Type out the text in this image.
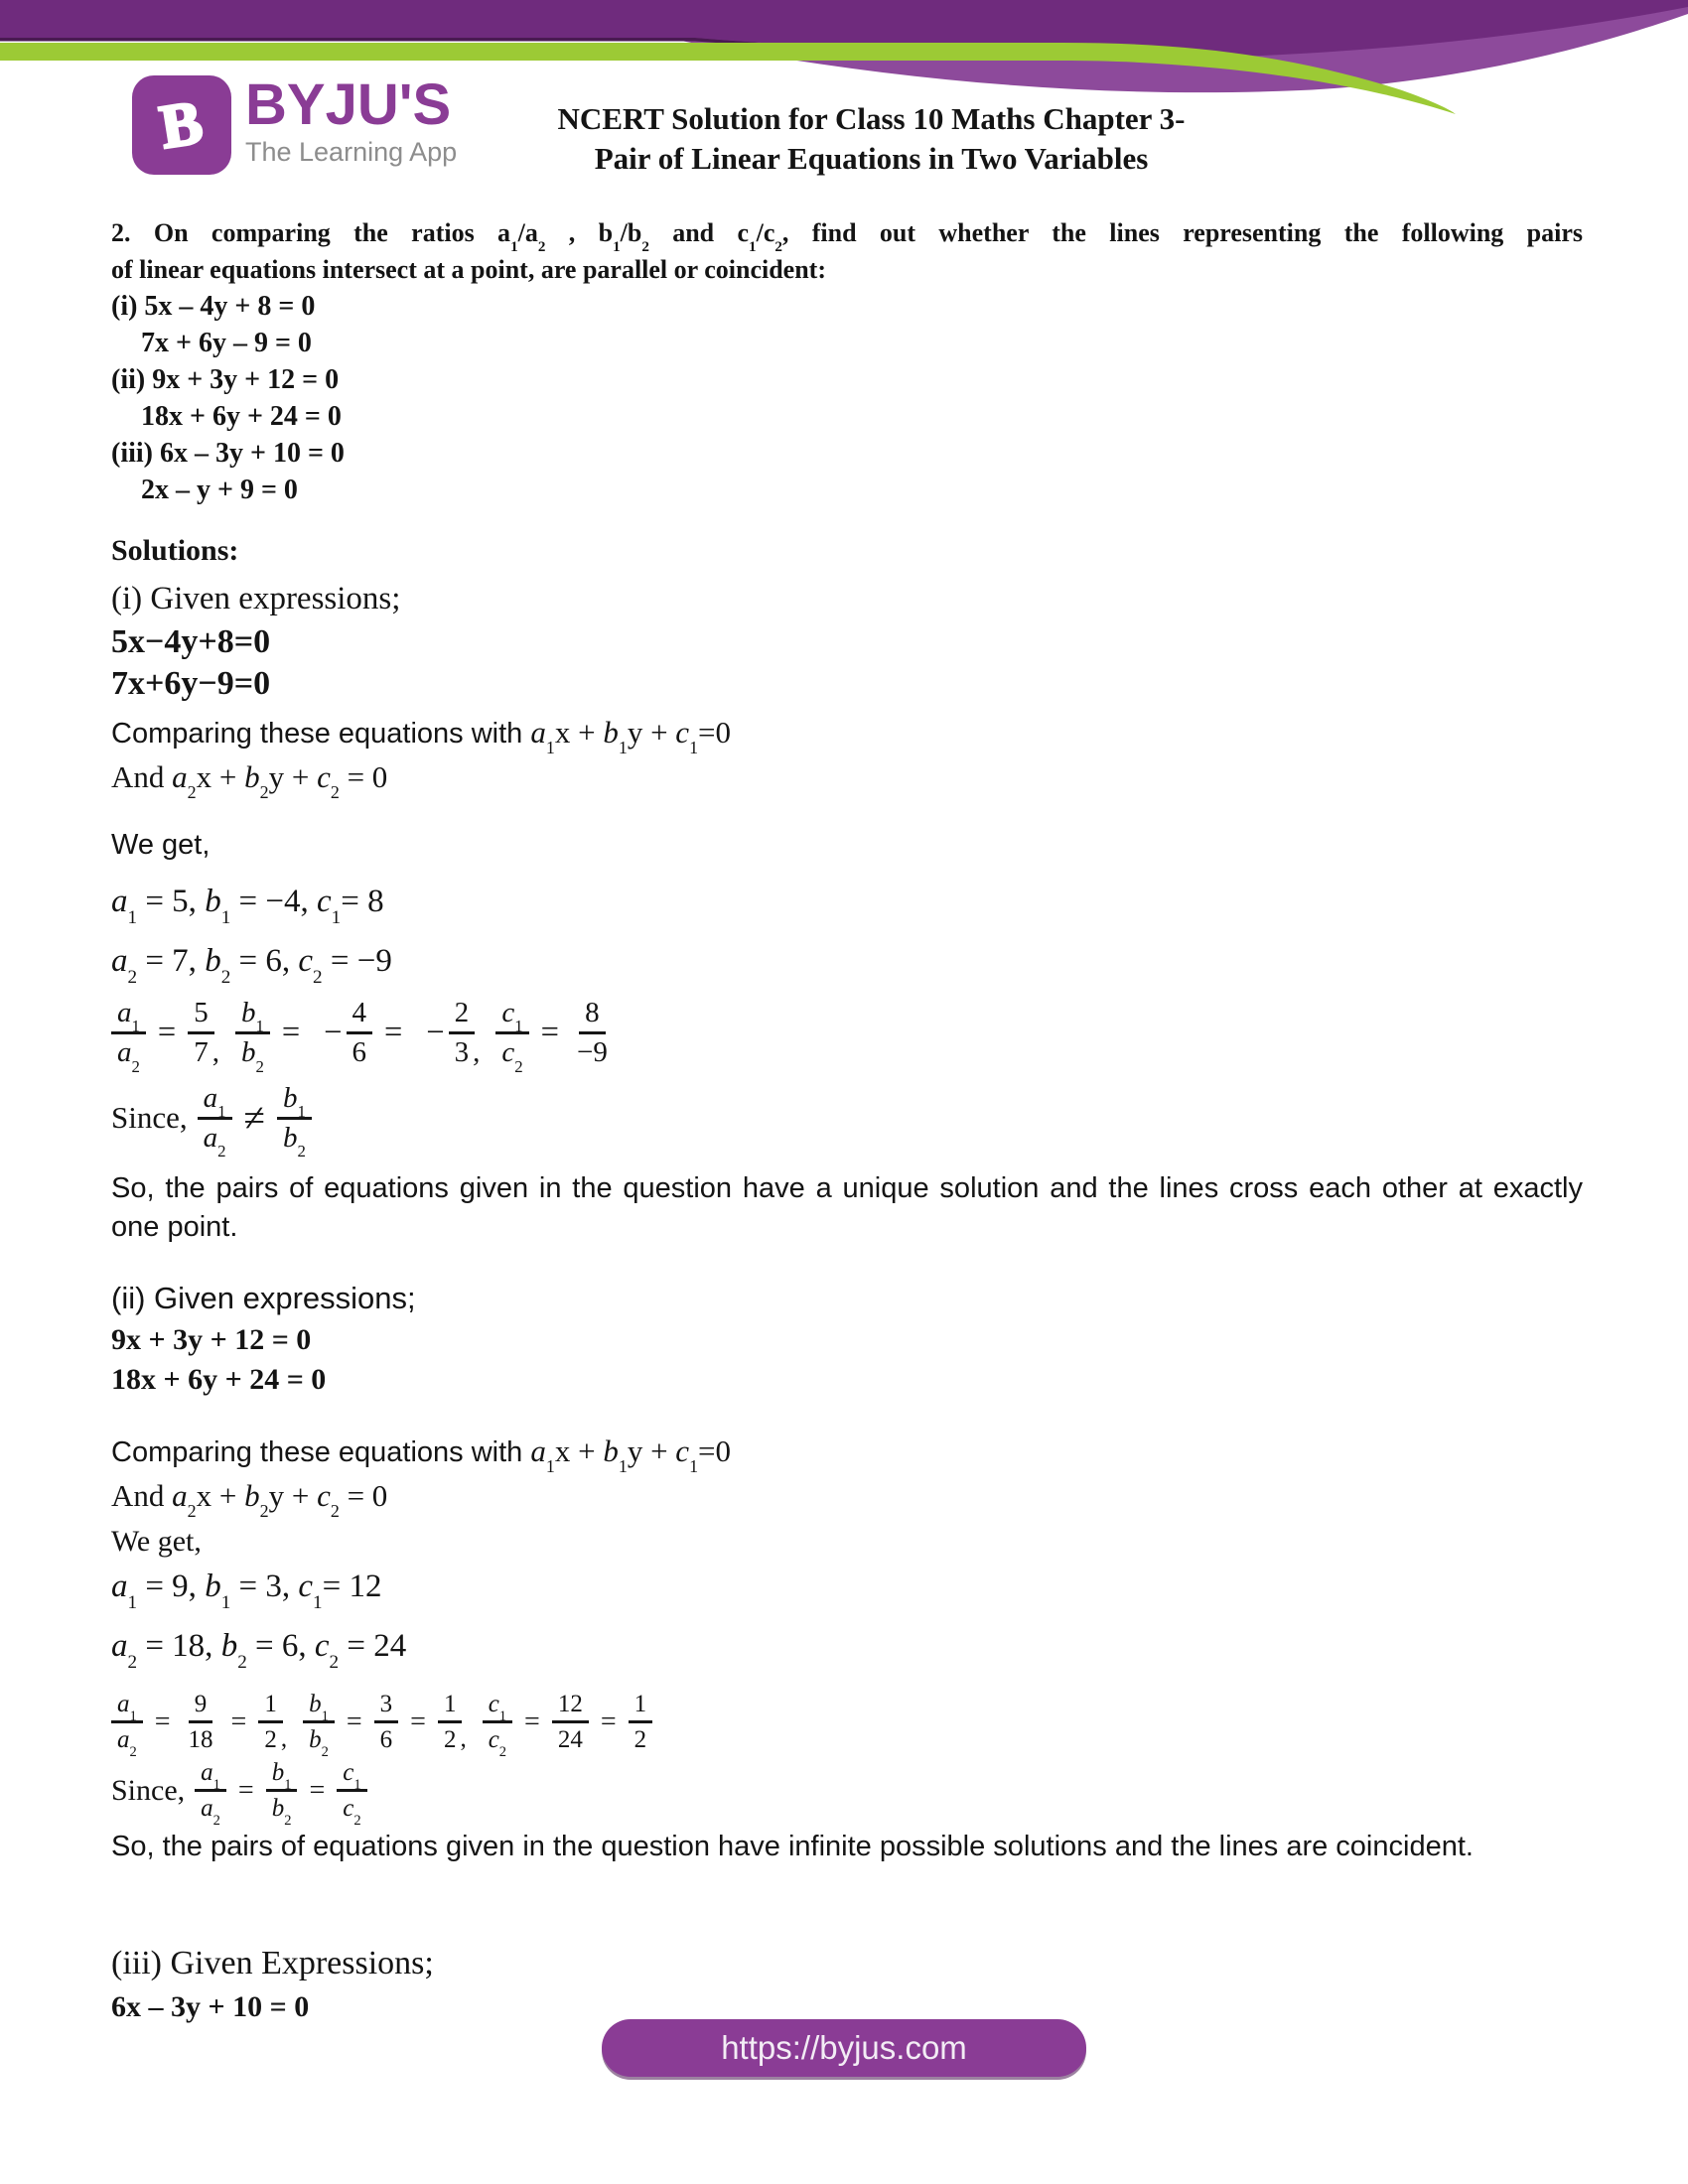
B BYJU'S
The Learning App
NCERT Solution for Class 10 Maths Chapter 3-
Pair of Linear Equations in Two Variables
2. On comparing the ratios $a_1/a_2$ , $b_1/b_2$ and $c_1/c_2$, find out whether the lines representing the following pairs
of linear equations intersect at a point, are parallel or coincident:
(i) 5x – 4y + 8 = 0
7x + 6y – 9 = 0
(ii) 9x + 3y + 12 = 0
18x + 6y + 24 = 0
(iii) 6x – 3y + 10 = 0
2x – y + 9 = 0
Solutions:
(i) Given expressions;
5x−4y+8=0
7x+6y−9=0
Comparing these equations with $a_1x + b_1y + c_1=0$
And $a_2x + b_2y + c_2 = 0$
We get,
$a_1 = 5$, $b_1 = -4$, $c_1= 8$
$a_2 = 7$, $b_2 = 6$, $c_2 = -9$
$\frac{a_1}{a_2} = \frac{5}{7}$
, $\frac{b_1}{b_2}$ = − $\frac{4}{6}$ = − $\frac{2}{3}$
, $\frac{c_1}{c_2} = \frac{8}{-9}$
Since, $\frac{a_1}{a_2} \ne \frac{b_1}{b_2}$
So, the pairs of equations given in the question have a unique solution and the lines cross each other at exactly one point.
(ii) Given expressions;
9x + 3y + 12 = 0
18x + 6y + 24 = 0
Comparing these equations with $a_1x + b_1y + c_1=0$
And $a_2x + b_2y + c_2 = 0$
We get,
$a_1 = 9$, $b_1 = 3$, $c_1= 12$
$a_2 = 18$, $b_2 = 6$, $c_2 = 24$
$\frac{a_1}{a_2} = \frac{9}{18} = \frac{1}{2}$
, $\frac{b_1}{b_2} = \frac{3}{6} = \frac{1}{2}$
, $\frac{c_1}{c_2} = \frac{12}{24} = \frac{1}{2}$
Since, $\frac{a_1}{a_2} = \frac{b_1}{b_2} = \frac{c_1}{c_2}$
So, the pairs of equations given in the question have infinite possible solutions and the lines are coincident.
(iii) Given Expressions;
6x – 3y + 10 = 0
https://byjus.com
